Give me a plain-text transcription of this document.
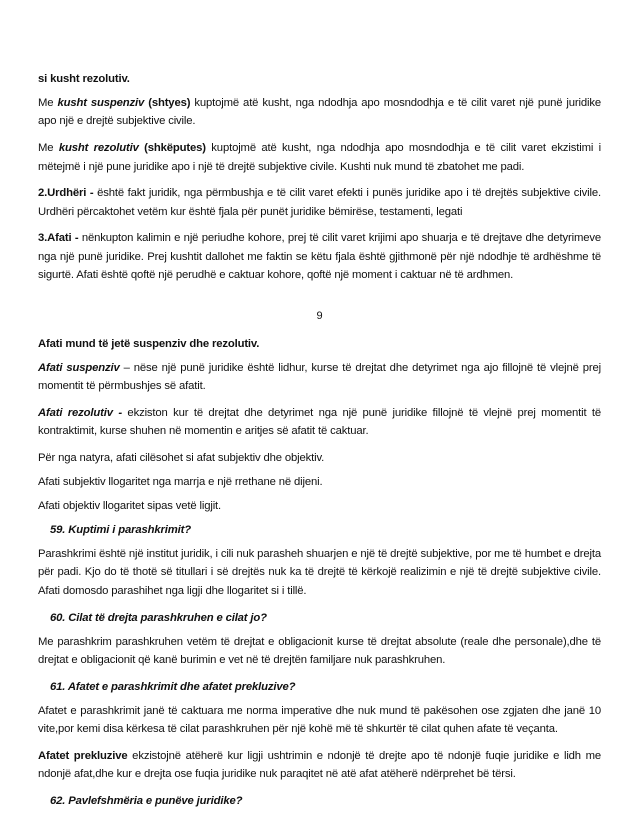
si kusht rezolutiv.

Me kusht suspenziv (shtyes) kuptojmë atë kusht, nga ndodhja apo mosndodhja e të cilit varet një punë juridike apo një e drejtë subjektive civile.

Me kusht rezolutiv (shkëputes) kuptojmë atë kusht, nga ndodhja apo mosndodhja e të cilit varet ekzistimi i mëtejmë i një pune juridike apo i një të drejtë subjektive civile. Kushti nuk mund të zbatohet me padi.

2.Urdhëri - është fakt juridik, nga përmbushja e të cilit varet efekti i punës juridike apo i të drejtës subjektive civile. Urdhëri përcaktohet vetëm kur është fjala për punët juridike bëmirëse, testamenti, legati

3.Afati - nënkupton kalimin e një periudhe kohore, prej të cilit varet krijimi apo shuarja e të drejtave dhe detyrimeve nga një punë juridike. Prej kushtit dallohet me faktin se këtu fjala është gjithmonë për një ndodhje të ardhëshme të sigurtë. Afati është qoftë një perudhë e caktuar kohore, qoftë një moment i caktuar në të ardhmen.

9

Afati mund të jetë suspenziv dhe rezolutiv.

Afati suspenziv – nëse një punë juridike është lidhur, kurse të drejtat dhe detyrimet nga ajo fillojnë të vlejnë prej momentit të përmbushjes së afatit.

Afati rezolutiv - ekziston kur të drejtat dhe detyrimet nga një punë juridike fillojnë të vlejnë prej momentit të kontraktimit, kurse shuhen në momentin e aritjes së afatit të caktuar.

Për nga natyra, afati cilësohet si afat subjektiv dhe objektiv.

Afati subjektiv llogaritet nga marrja e një rrethane në dijeni.

Afati objektiv llogaritet sipas vetë ligjit.

59. Kuptimi i parashkrimit?

Parashkrimi është një institut juridik, i cili nuk parasheh shuarjen e një të drejtë subjektive, por me të humbet e drejta për padi. Kjo do të thotë së titullari i së drejtës nuk ka të drejtë të kërkojë realizimin e një të drejtë subjektive civile. Afati domosdo parashihet nga ligji dhe llogaritet si i tillë.

60. Cilat të drejta parashkruhen e cilat jo?

Me parashkrim parashkruhen vetëm të drejtat e obligacionit kurse të drejtat absolute (reale dhe personale),dhe të drejtat e obligacionit që kanë burimin e vet në të drejtën familjare nuk parashkruhen.

61. Afatet e parashkrimit dhe afatet prekluzive?

Afatet e parashkrimit janë të caktuara me norma imperative dhe nuk mund të pakësohen ose zgjaten dhe janë 10 vite,por kemi disa kërkesa të cilat parashkruhen për një kohë më të shkurtër të cilat quhen afate të veçanta.

Afatet prekluzive ekzistojnë atëherë kur ligji ushtrimin e ndonjë të drejte apo të ndonjë fuqie juridike e lidh me ndonjë afat,dhe kur e drejta ose fuqia juridike nuk paraqitet në atë afat atëherë ndërprehet bë tërsi.

62. Pavlefshmëria e punëve juridike?
